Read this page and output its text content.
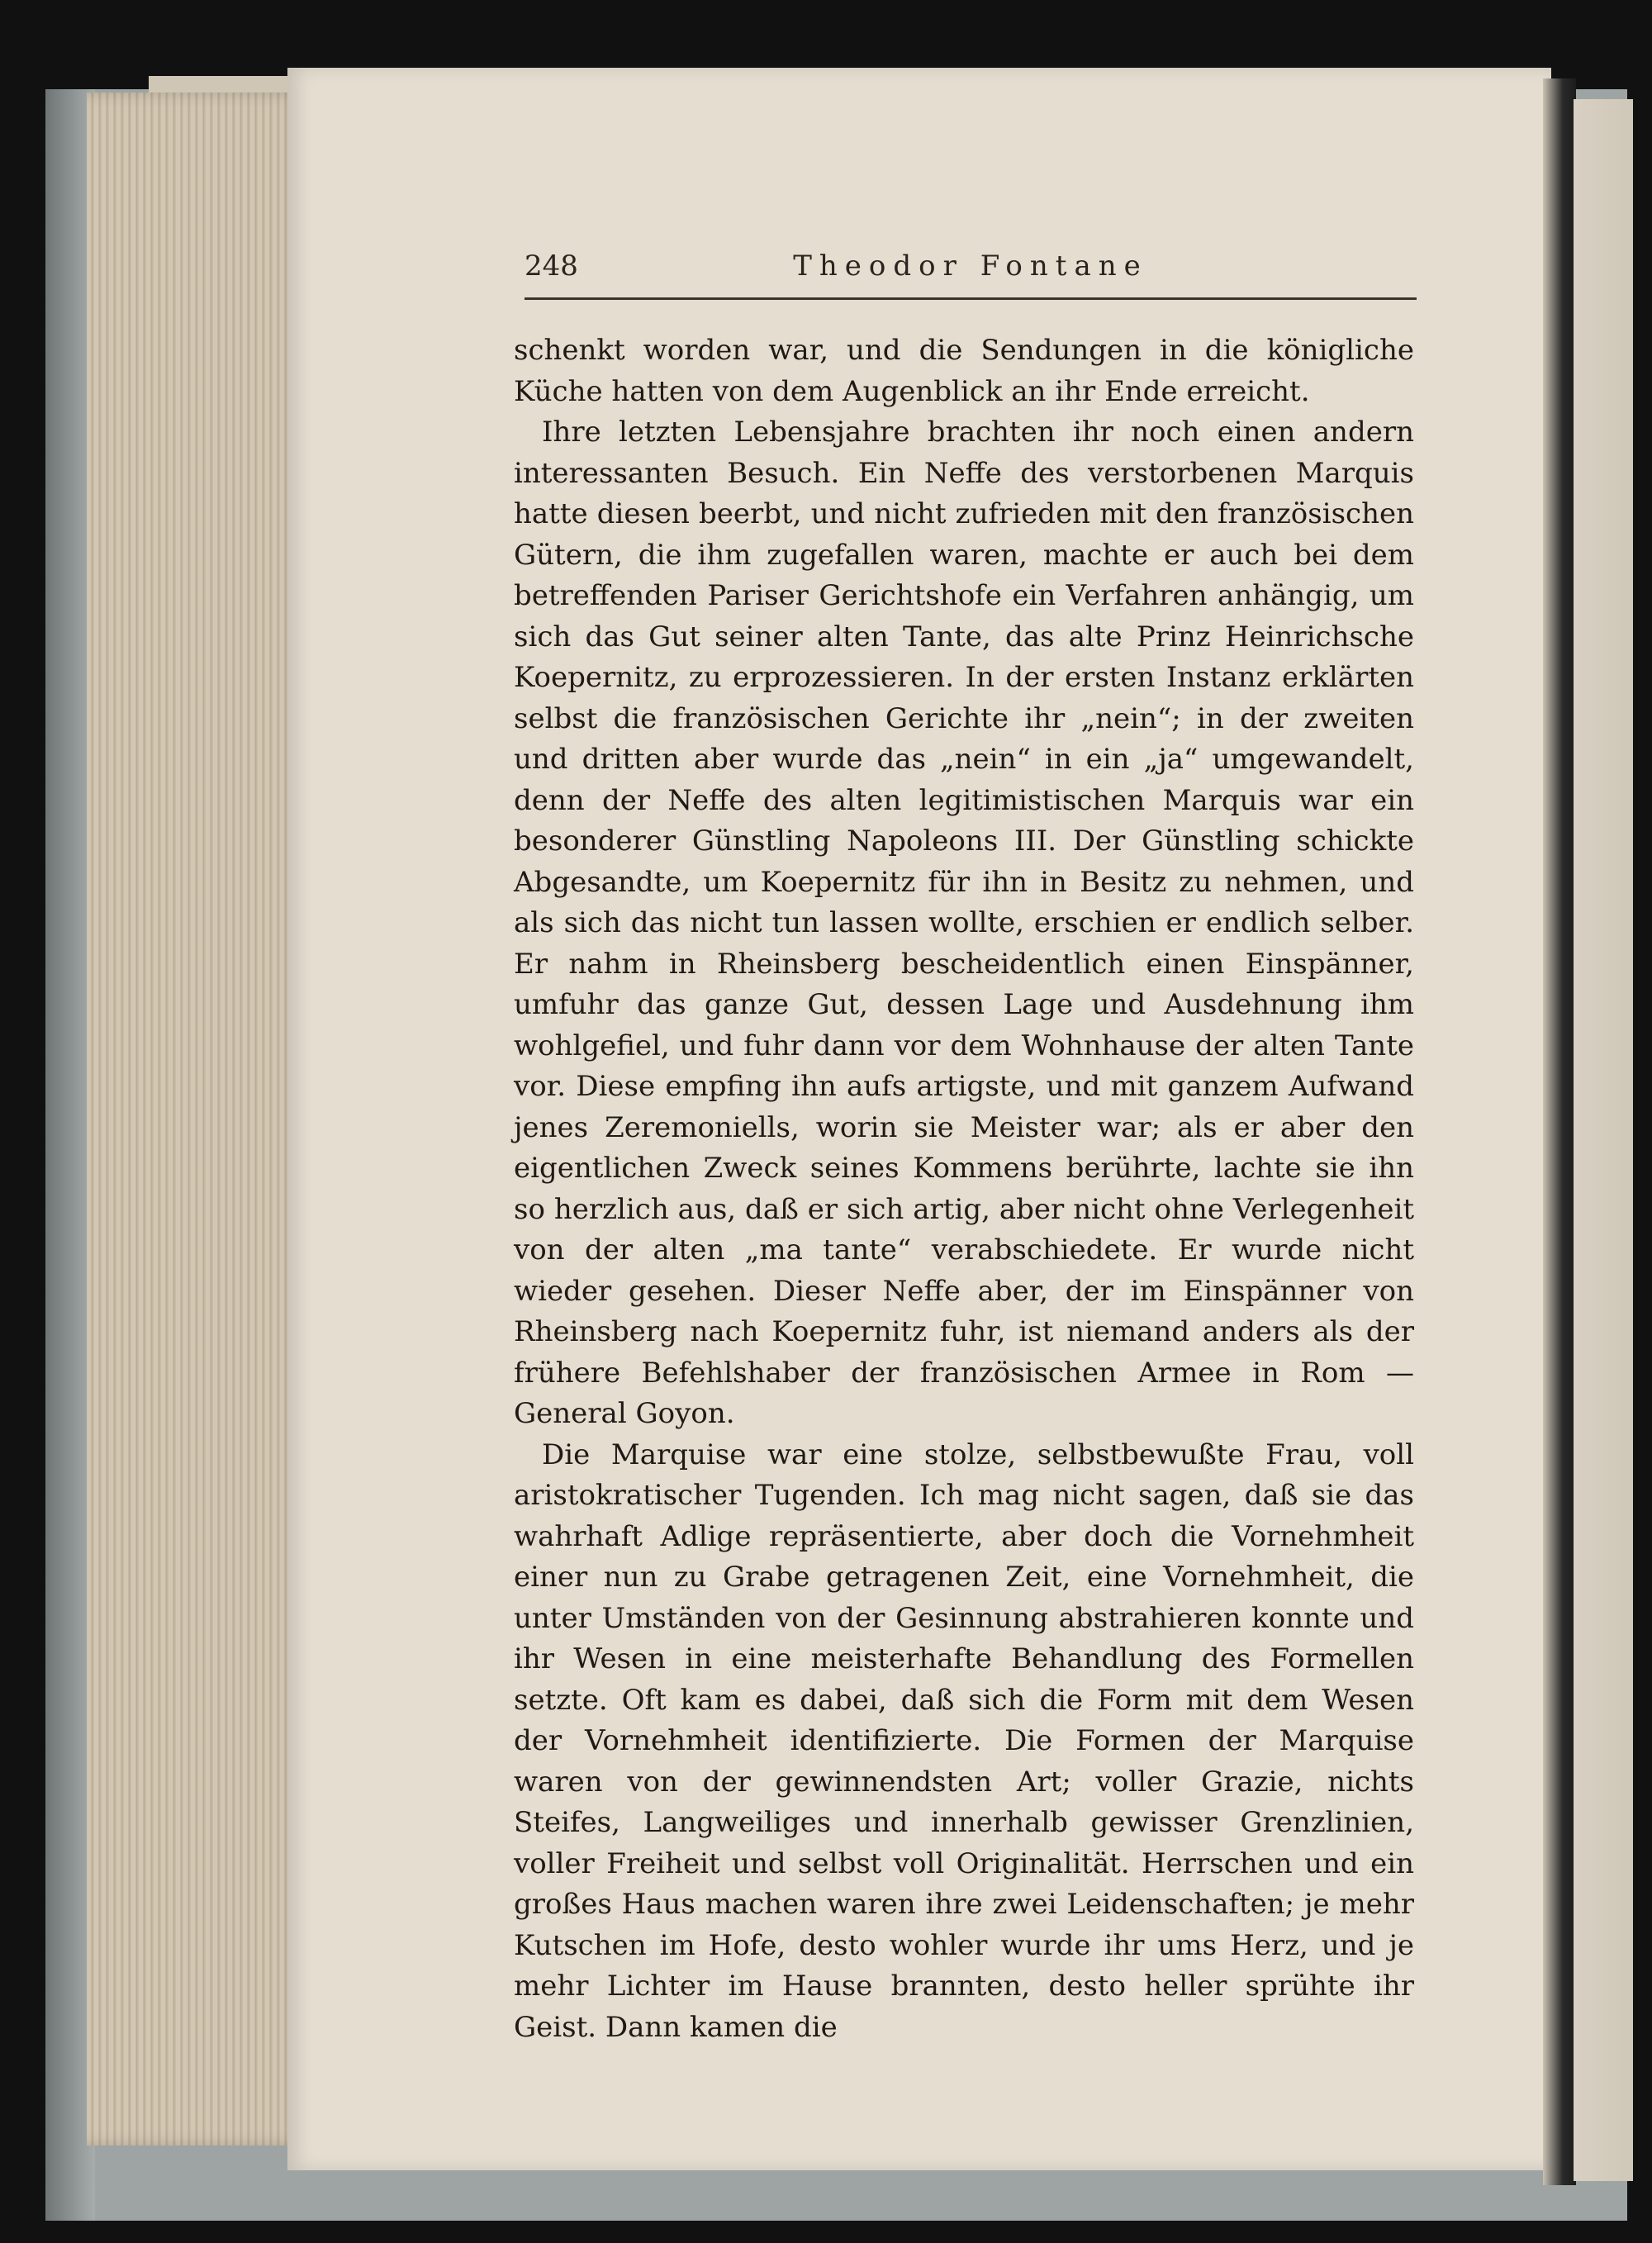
248	Theodor Fontane

schenkt worden war, und die Sendungen in die königliche Küche hatten von dem Augenblick an ihr Ende erreicht.

Ihre letzten Lebensjahre brachten ihr noch einen andern interessanten Besuch. Ein Neffe des verstorbenen Marquis hatte diesen beerbt, und nicht zufrieden mit den französischen Gütern, die ihm zugefallen waren, machte er auch bei dem betreffenden Pariser Gerichtshofe ein Verfahren anhängig, um sich das Gut seiner alten Tante, das alte Prinz Heinrichsche Koepernitz, zu erprozessieren. In der ersten Instanz erklärten selbst die französischen Gerichte ihr „nein“; in der zweiten und dritten aber wurde das „nein“ in ein „ja“ umgewandelt, denn der Neffe des alten legitimistischen Marquis war ein besonderer Günstling Napoleons III. Der Günstling schickte Abgesandte, um Koepernitz für ihn in Besitz zu nehmen, und als sich das nicht tun lassen wollte, erschien er endlich selber. Er nahm in Rheinsberg bescheidentlich einen Einspänner, umfuhr das ganze Gut, dessen Lage und Ausdehnung ihm wohlgefiel, und fuhr dann vor dem Wohnhause der alten Tante vor. Diese empfing ihn aufs artigste, und mit ganzem Aufwand jenes Zeremoniells, worin sie Meister war; als er aber den eigentlichen Zweck seines Kommens berührte, lachte sie ihn so herzlich aus, daß er sich artig, aber nicht ohne Verlegenheit von der alten „ma tante“ verabschiedete. Er wurde nicht wieder gesehen. Dieser Neffe aber, der im Einspänner von Rheinsberg nach Koepernitz fuhr, ist niemand anders als der frühere Befehlshaber der französischen Armee in Rom — General Goyon.

Die Marquise war eine stolze, selbstbewußte Frau, voll aristokratischer Tugenden. Ich mag nicht sagen, daß sie das wahrhaft Adlige repräsentierte, aber doch die Vornehmheit einer nun zu Grabe getragenen Zeit, eine Vornehmheit, die unter Umständen von der Gesinnung abstrahieren konnte und ihr Wesen in eine meisterhafte Behandlung des Formellen setzte. Oft kam es dabei, daß sich die Form mit dem Wesen der Vornehmheit identifizierte. Die Formen der Marquise waren von der gewinnendsten Art; voller Grazie, nichts Steifes, Langweiliges und innerhalb gewisser Grenzlinien, voller Freiheit und selbst voll Originalität. Herrschen und ein großes Haus machen waren ihre zwei Leidenschaften; je mehr Kutschen im Hofe, desto wohler wurde ihr ums Herz, und je mehr Lichter im Hause brannten, desto heller sprühte ihr Geist. Dann kamen die
